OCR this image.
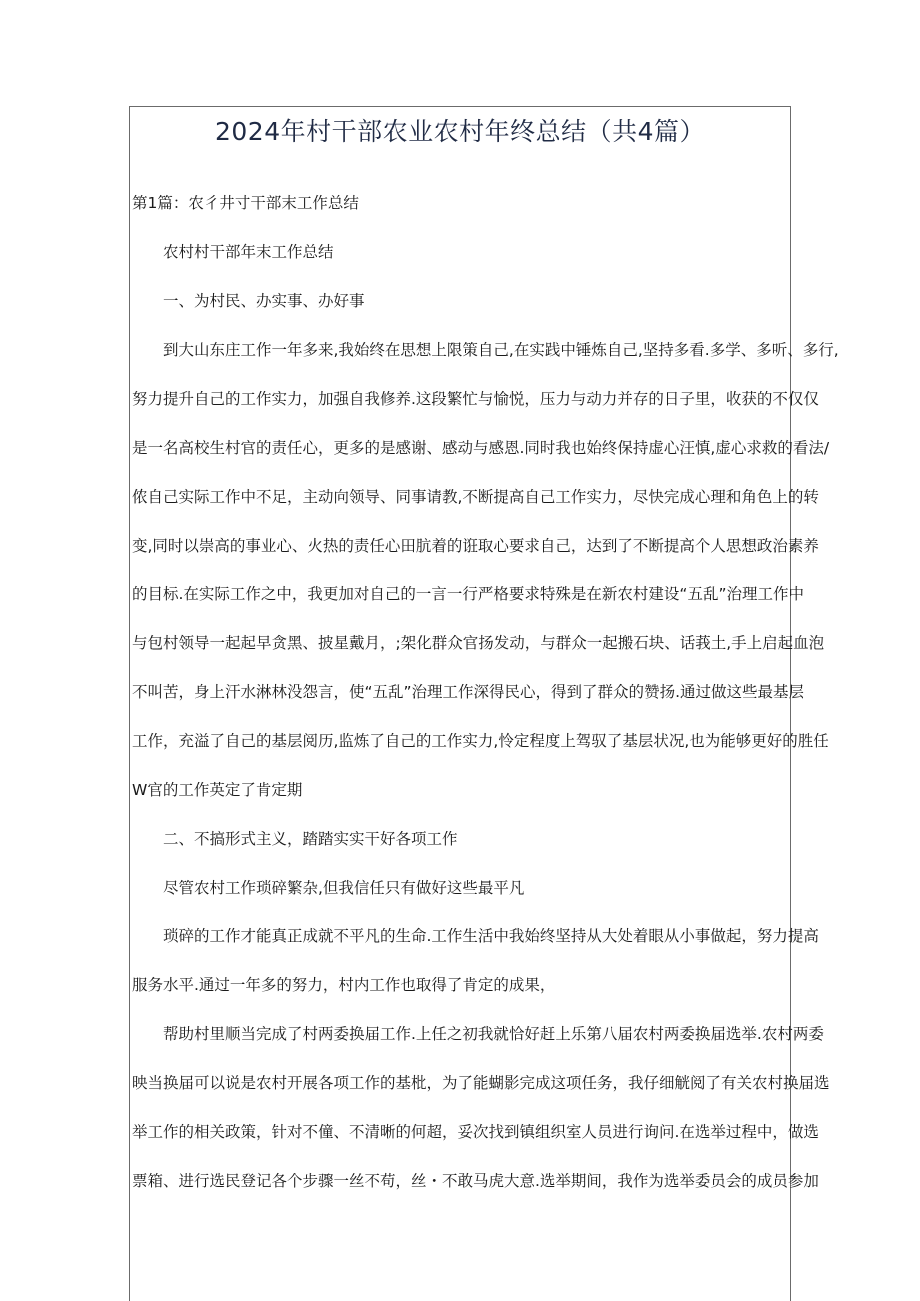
2024年村干部农业农村年终总结（共4篇）
第1篇：农彳井寸干部末工作总结
农村村干部年末工作总结
一、为村民、办实事、办好事
到大山东庄工作一年多来,我始终在思想上限策自己,在实践中锤炼自己,坚持多看.多学、多听、多行,
努力提升自己的工作实力，加强自我修养.这段繁忙与愉悦，压力与动力并存的日子里，收获的不仅仅
是一名高校生村官的责任心，更多的是感谢、感动与感恩.同时我也始终保持虚心汪慎,虚心求救的看法/
侬自己实际工作中不足，主动向领导、同事请教,不断提高自己工作实力，尽快完成心理和角色上的转
变,同时以崇高的事业心、火热的责任心田肮着的诳取心要求自己，达到了不断提高个人思想政治素养
的目标.在实际工作之中，我更加对自己的一言一行严格要求特殊是在新农村建设“五乱”治理工作中
与包村领导一起起早贪黑、披星戴月，;架化群众官扬发动，与群众一起搬石块、话莪土,手上启起血泡
不叫苦，身上汗水淋林没怨言，使“五乱”治理工作深得民心，得到了群众的赞扬.通过做这些最基层
工作，充溢了自己的基层阅历,监炼了自己的工作实力,怜定程度上驾驭了基层状况,也为能够更好的胜任
W官的工作英定了肯定期
二、不搞形式主义，踏踏实实干好各项工作
尽管农村工作琐碎繁杂,但我信任只有做好这些最平凡
琐碎的工作才能真正成就不平凡的生命.工作生活中我始终坚持从大处着眼从小事做起，努力提高
服务水平.通过一年多的努力，村内工作也取得了肯定的成果，
帮助村里顺当完成了村两委换届工作.上任之初我就恰好赶上乐第八届农村两委换届选举.农村两委
映当换届可以说是农村开展各项工作的基枇，为了能蝴影完成这项任务，我仔细觥阅了有关农村换届选
举工作的相关政策，针对不僮、不清晰的何超，妥次找到镇组织室人员进行询问.在选举过程中，做选
票箱、进行选民登记各个步骤一丝不苟，丝・不敢马虎大意.选举期间，我作为选举委员会的成员参加
